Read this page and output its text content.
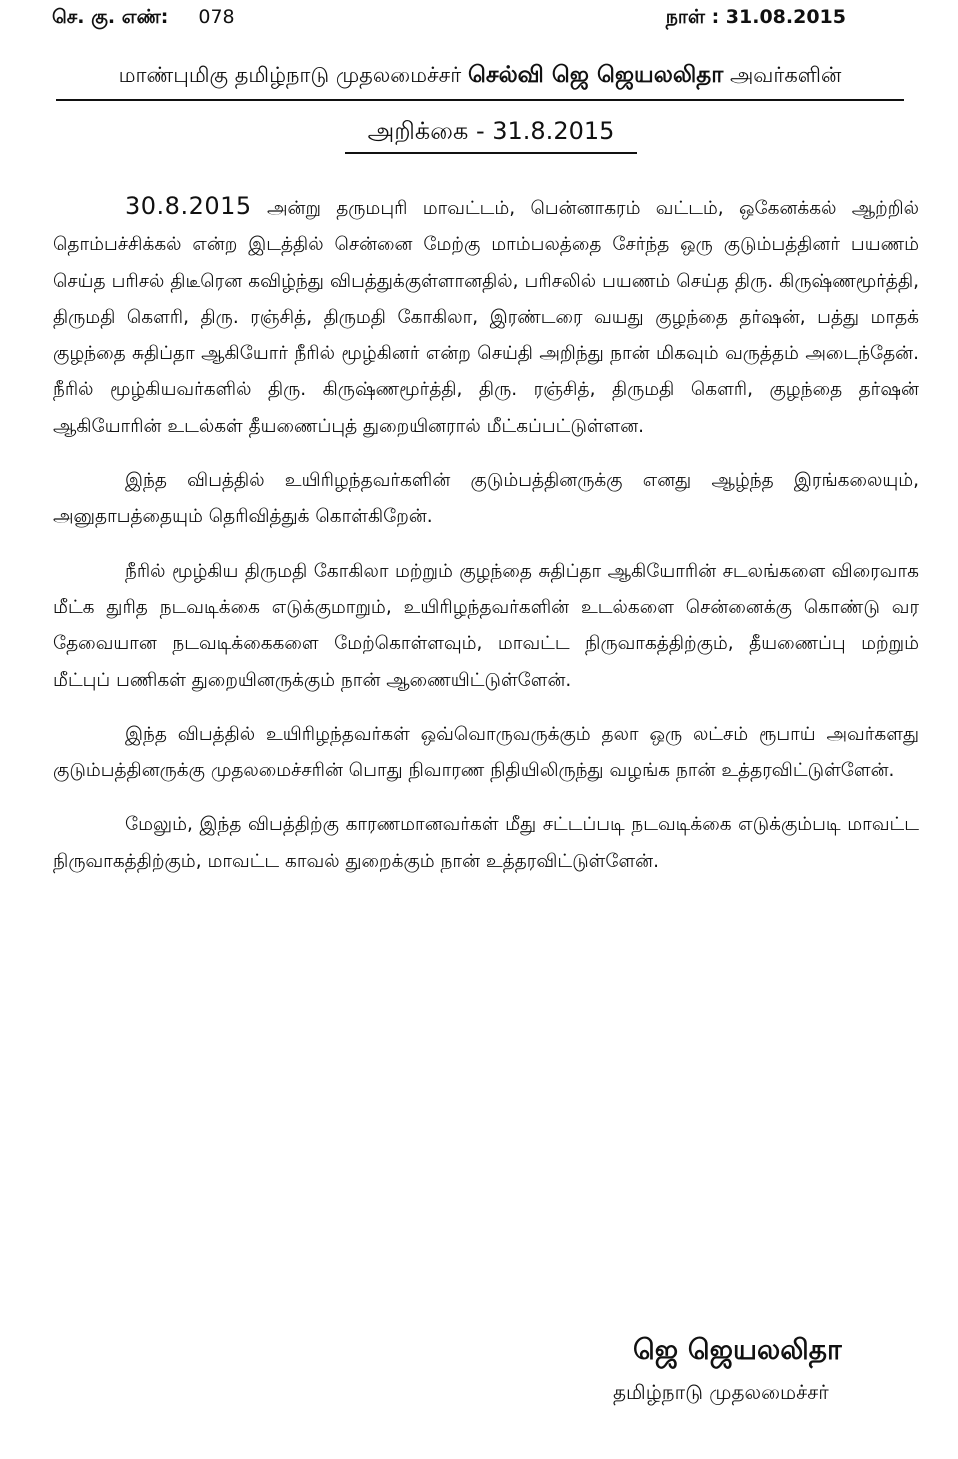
செ. கு. எண்: 078	நாள் : 31.08.2015
மாண்புமிகு தமிழ்நாடு முதலமைச்சர் செல்வி ஜெ ஜெயலலிதா அவர்களின்
அறிக்கை - 31.8.2015

30.8.2015 அன்று தருமபுரி மாவட்டம், பென்னாகரம் வட்டம், ஒகேனக்கல் ஆற்றில் தொம்பச்சிக்கல் என்ற இடத்தில் சென்னை மேற்கு மாம்பலத்தை சேர்ந்த ஒரு குடும்பத்தினர் பயணம் செய்த பரிசல் திடீரென கவிழ்ந்து விபத்துக்குள்ளானதில், பரிசலில் பயணம் செய்த திரு. கிருஷ்ணமூர்த்தி, திருமதி கௌரி, திரு. ரஞ்சித், திருமதி கோகிலா, இரண்டரை வயது குழந்தை தர்ஷன், பத்து மாதக் குழந்தை சுதிப்தா ஆகியோர் நீரில் மூழ்கினர் என்ற செய்தி அறிந்து நான் மிகவும் வருத்தம் அடைந்தேன். நீரில் மூழ்கியவர்களில் திரு. கிருஷ்ணமூர்த்தி, திரு. ரஞ்சித், திருமதி கௌரி, குழந்தை தர்ஷன் ஆகியோரின் உடல்கள் தீயணைப்புத் துறையினரால் மீட்கப்பட்டுள்ளன.

இந்த விபத்தில் உயிரிழந்தவர்களின் குடும்பத்தினருக்கு எனது ஆழ்ந்த இரங்கலையும், அனுதாபத்தையும் தெரிவித்துக் கொள்கிறேன்.

நீரில் மூழ்கிய திருமதி கோகிலா மற்றும் குழந்தை சுதிப்தா ஆகியோரின் சடலங்களை விரைவாக மீட்க துரித நடவடிக்கை எடுக்குமாறும், உயிரிழந்தவர்களின் உடல்களை சென்னைக்கு கொண்டு வர தேவையான நடவடிக்கைகளை மேற்கொள்ளவும், மாவட்ட நிருவாகத்திற்கும், தீயணைப்பு மற்றும் மீட்புப் பணிகள் துறையினருக்கும் நான் ஆணையிட்டுள்ளேன்.

இந்த விபத்தில் உயிரிழந்தவர்கள் ஒவ்வொருவருக்கும் தலா ஒரு லட்சம் ரூபாய் அவர்களது குடும்பத்தினருக்கு முதலமைச்சரின் பொது நிவாரண நிதியிலிருந்து வழங்க நான் உத்தரவிட்டுள்ளேன்.

மேலும், இந்த விபத்திற்கு காரணமானவர்கள் மீது சட்டப்படி நடவடிக்கை எடுக்கும்படி மாவட்ட நிருவாகத்திற்கும், மாவட்ட காவல் துறைக்கும் நான் உத்தரவிட்டுள்ளேன்.

ஜெ ஜெயலலிதா
தமிழ்நாடு முதலமைச்சர்
